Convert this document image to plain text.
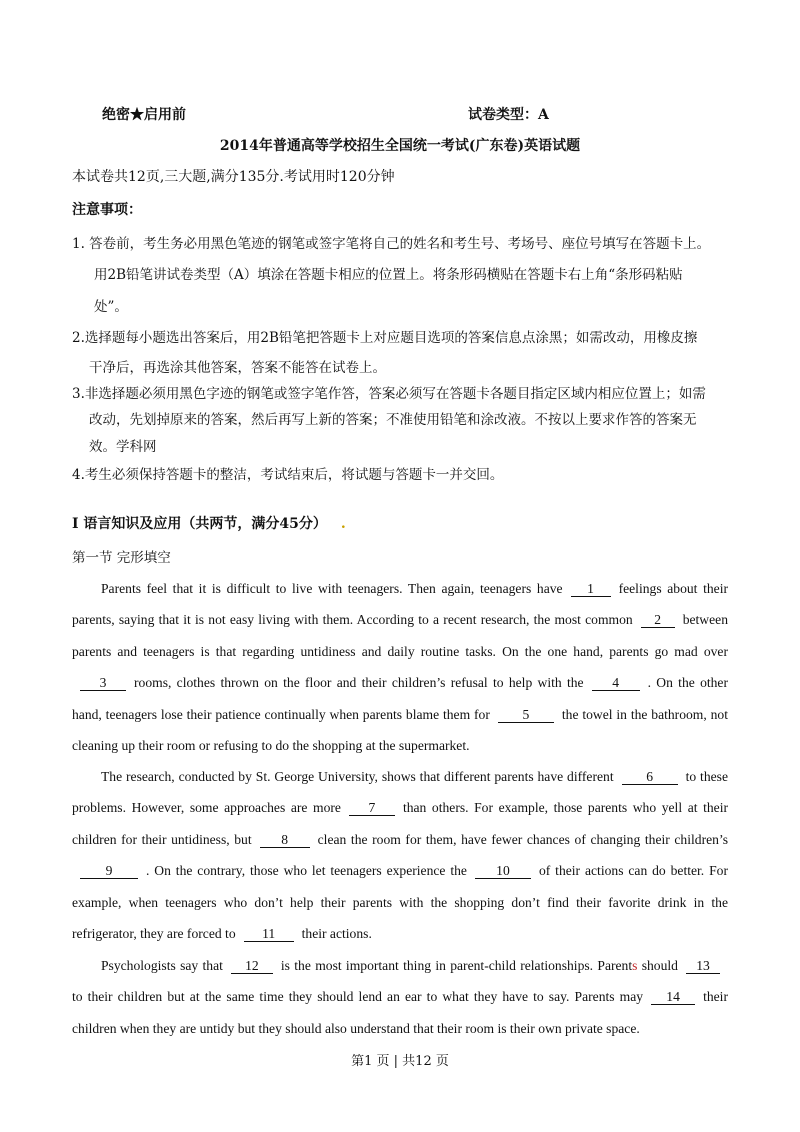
绝密★启用前	试卷类型：A
2014年普通高等学校招生全国统一考试(广东卷)英语试题
本试卷共12页,三大题,满分135分.考试用时120分钟
注意事项：
1. 答卷前，考生务必用黑色笔迹的钢笔或签字笔将自己的姓名和考生号、考场号、座位号填写在答题卡上。
用2B铅笔讲试卷类型（A）填涂在答题卡相应的位置上。将条形码横贴在答题卡右上角“条形码粘贴
处”。
2.选择题每小题选出答案后，用2B铅笔把答题卡上对应题目选项的答案信息点涂黑；如需改动，用橡皮擦
干净后，再选涂其他答案，答案不能答在试卷上。
3.非选择题必须用黑色字迹的钢笔或签字笔作答，答案必须写在答题卡各题目指定区域内相应位置上；如需
改动，先划掉原来的答案，然后再写上新的答案；不准使用铅笔和涂改液。不按以上要求作答的答案无
效。学科网
4.考生必须保持答题卡的整洁，考试结束后，将试题与答题卡一并交回。
I 语言知识及应用（共两节，满分45分） .
第一节 完形填空
Parents feel that it is difficult to live with teenagers. Then again, teenagers have 1 feelings about their parents, saying that it is not easy living with them. According to a recent research, the most common 2 between parents and teenagers is that regarding untidiness and daily routine tasks. On the one hand, parents go mad over3 rooms, clothes thrown on the floor and their children’s refusal to help with the 4 . On the other hand, teenagers lose their patience continually when parents blame them for 5 the towel in the bathroom, not cleaning up their room or refusing to do the shopping at the supermarket.
The research, conducted by St. George University, shows that different parents have different 6 to these problems. However, some approaches are more 7 than others. For example, those parents who yell at their children for their untidiness, but 8 clean the room for them, have fewer chances of changing their children’s9 . On the contrary, those who let teenagers experience the 10 of their actions can do better. For example, when teenagers who don’t help their parents with the shopping don’t find their favorite drink in the refrigerator, they are forced to 11 their actions.
Psychologists say that 12 is the most important thing in parent-child relationships. Parents should 13to their children but at the same time they should lend an ear to what they have to say. Parents may 14 their children when they are untidy but they should also understand that their room is their own private space.
第1 页 | 共12 页
